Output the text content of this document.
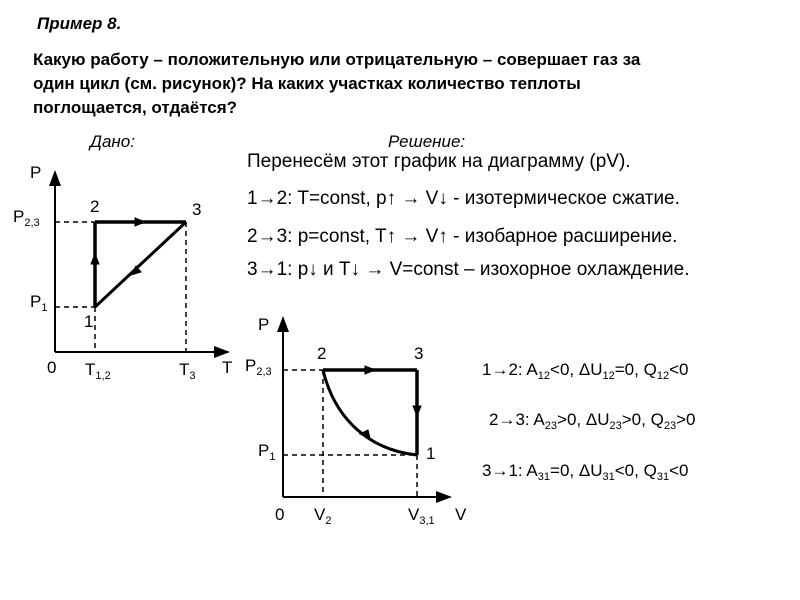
Пример 8.
Какую работу – положительную или отрицательную – совершает газ за
один цикл (см. рисунок)? На каких участках количество теплоты
поглощается, отдаётся?
Дано:	Решение:
Перенесём этот график на диаграмму (pV).
1→2: T=const, p↑ → V↓ - изотермическое сжатие.
2→3: p=const, T↑ → V↑ - изобарное расширение.
3→1: p↓ и T↓ → V=const – изохорное охлаждение.
P
T
0
$P_{2,3}$
$P_1$
$T_{1,2}$	$T_3$
1
2	3
P
V
0
$P_{2,3}$
$P_1$
$V_2$	$V_{3,1}$
1
2	3
1→2: $A_{12}<0$, $\Delta U_{12}=0$, $Q_{12}<0$
2→3: $A_{23}>0$, $\Delta U_{23}>0$, $Q_{23}>0$
3→1: $A_{31}=0$, $\Delta U_{31}<0$, $Q_{31}<0$
